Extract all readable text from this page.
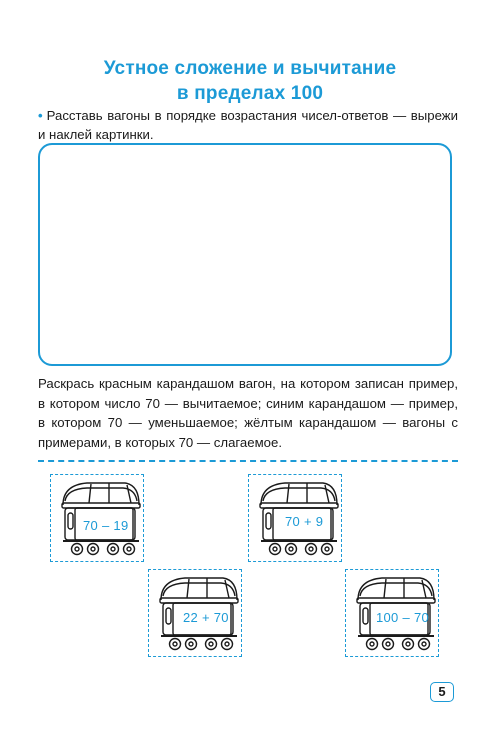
Устное сложение и вычитание
в пределах 100
• Расставь вагоны в порядке возрастания чисел-ответов — вырежи и наклей картинки.
Раскрась красным карандашом вагон, на котором записан пример, в котором число 70 — вычитаемое; синим карандашом — пример, в котором 70 — уменьшаемое; жёлтым карандашом — вагоны с примерами, в которых 70 — слагаемое.
70 – 19	70 + 9
22 + 70	100 – 70
5
